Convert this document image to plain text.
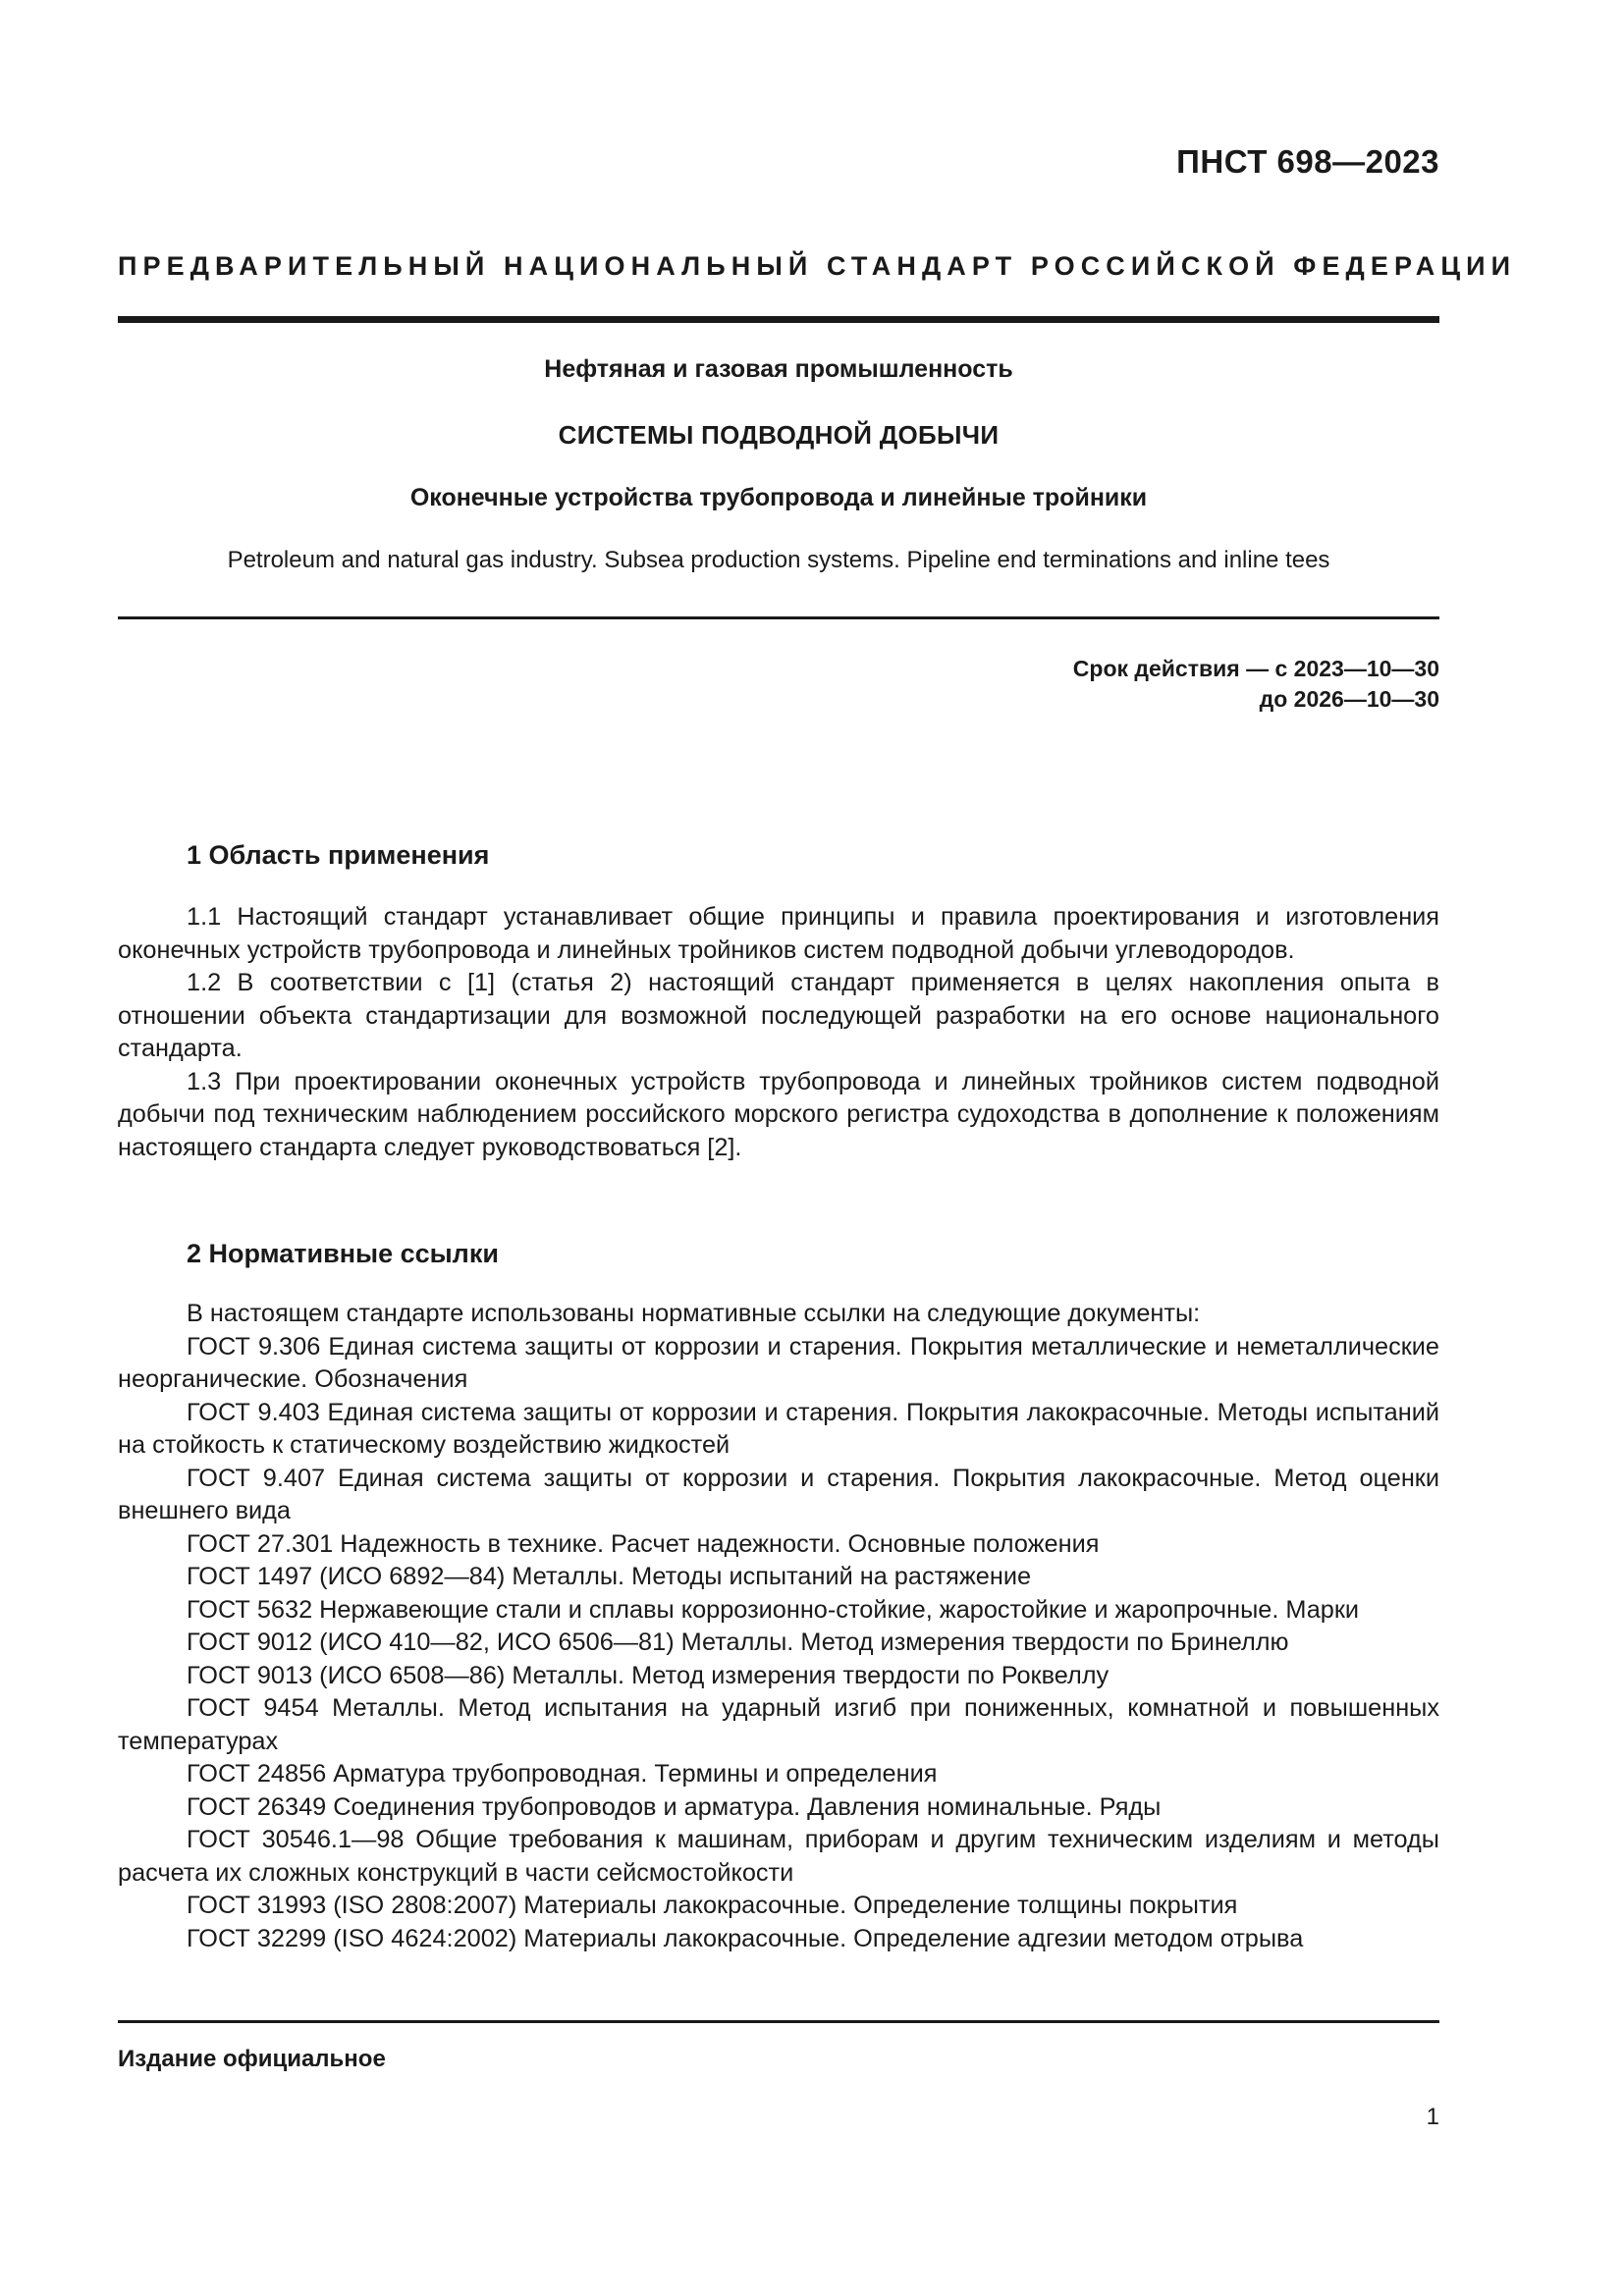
ПНСТ 698—2023
ПРЕДВАРИТЕЛЬНЫЙ НАЦИОНАЛЬНЫЙ СТАНДАРТ РОССИЙСКОЙ ФЕДЕРАЦИИ
Нефтяная и газовая промышленность
СИСТЕМЫ ПОДВОДНОЙ ДОБЫЧИ
Оконечные устройства трубопровода и линейные тройники
Petroleum and natural gas industry. Subsea production systems. Pipeline end terminations and inline tees
Срок действия — с 2023—10—30
до 2026—10—30
1 Область применения

1.1 Настоящий стандарт устанавливает общие принципы и правила проектирования и изготовления оконечных устройств трубопровода и линейных тройников систем подводной добычи углеводородов.

1.2 В соответствии с [1] (статья 2) настоящий стандарт применяется в целях накопления опыта в отношении объекта стандартизации для возможной последующей разработки на его основе национального стандарта.

1.3 При проектировании оконечных устройств трубопровода и линейных тройников систем подводной добычи под техническим наблюдением российского морского регистра судоходства в дополнение к положениям настоящего стандарта следует руководствоваться [2].

2 Нормативные ссылки

В настоящем стандарте использованы нормативные ссылки на следующие документы:

ГОСТ 9.306 Единая система защиты от коррозии и старения. Покрытия металлические и неметаллические неорганические. Обозначения

ГОСТ 9.403 Единая система защиты от коррозии и старения. Покрытия лакокрасочные. Методы испытаний на стойкость к статическому воздействию жидкостей

ГОСТ 9.407 Единая система защиты от коррозии и старения. Покрытия лакокрасочные. Метод оценки внешнего вида

ГОСТ 27.301 Надежность в технике. Расчет надежности. Основные положения

ГОСТ 1497 (ИСО 6892—84) Металлы. Методы испытаний на растяжение

ГОСТ 5632 Нержавеющие стали и сплавы коррозионно-стойкие, жаростойкие и жаропрочные. Марки

ГОСТ 9012 (ИСО 410—82, ИСО 6506—81) Металлы. Метод измерения твердости по Бринеллю

ГОСТ 9013 (ИСО 6508—86) Металлы. Метод измерения твердости по Роквеллу

ГОСТ 9454 Металлы. Метод испытания на ударный изгиб при пониженных, комнатной и повышенных температурах

ГОСТ 24856 Арматура трубопроводная. Термины и определения

ГОСТ 26349 Соединения трубопроводов и арматура. Давления номинальные. Ряды

ГОСТ 30546.1—98 Общие требования к машинам, приборам и другим техническим изделиям и методы расчета их сложных конструкций в части сейсмостойкости

ГОСТ 31993 (ISO 2808:2007) Материалы лакокрасочные. Определение толщины покрытия

ГОСТ 32299 (ISO 4624:2002) Материалы лакокрасочные. Определение адгезии методом отрыва

Издание официальное
1
